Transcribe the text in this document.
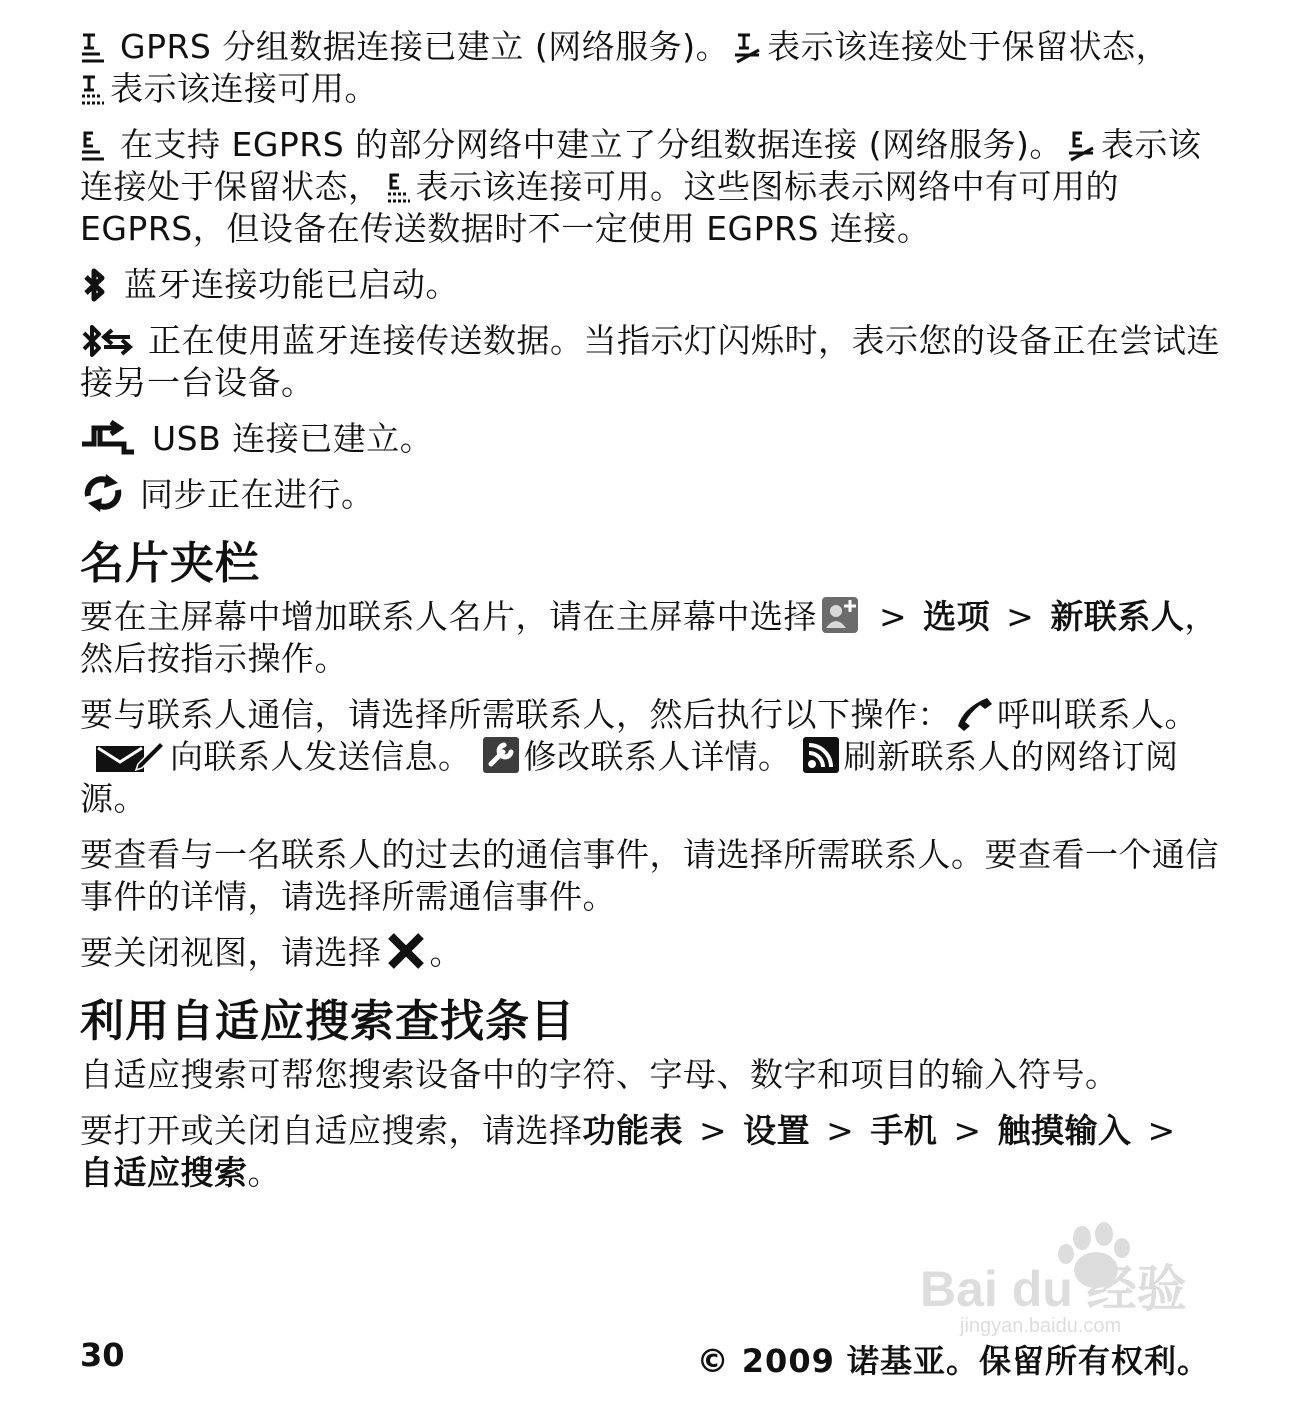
GPRS 分组数据连接已建立 (网络服务)。 表示该连接处于保留状态，

表示该连接可用。

在支持 EGPRS 的部分网络中建立了分组数据连接 (网络服务)。 表示该连接处于保留状态， 表示该连接可用。这些图标表示网络中有可用的 EGPRS，但设备在传送数据时不一定使用 EGPRS 连接。

蓝牙连接功能已启动。

正在使用蓝牙连接传送数据。当指示灯闪烁时，表示您的设备正在尝试连接另一台设备。

USB 连接已建立。

同步正在进行。

名片夹栏

要在主屏幕中增加联系人名片，请在主屏幕中选择 > 选项 > 新联系人，然后按指示操作。

要与联系人通信，请选择所需联系人，然后执行以下操作： 呼叫联系人。
向联系人发送信息。 修改联系人详情。 刷新联系人的网络订阅源。

要查看与一名联系人的过去的通信事件，请选择所需联系人。要查看一个通信事件的详情，请选择所需通信事件。

要关闭视图，请选择 。

利用自适应搜索查找条目

自适应搜索可帮您搜索设备中的字符、字母、数字和项目的输入符号。

要打开或关闭自适应搜索，请选择功能表 > 设置 > 手机 > 触摸输入 >
自适应搜索。

Bai du 经验
jingyan.baidu.com
30	© 2009 诺基亚。保留所有权利。
